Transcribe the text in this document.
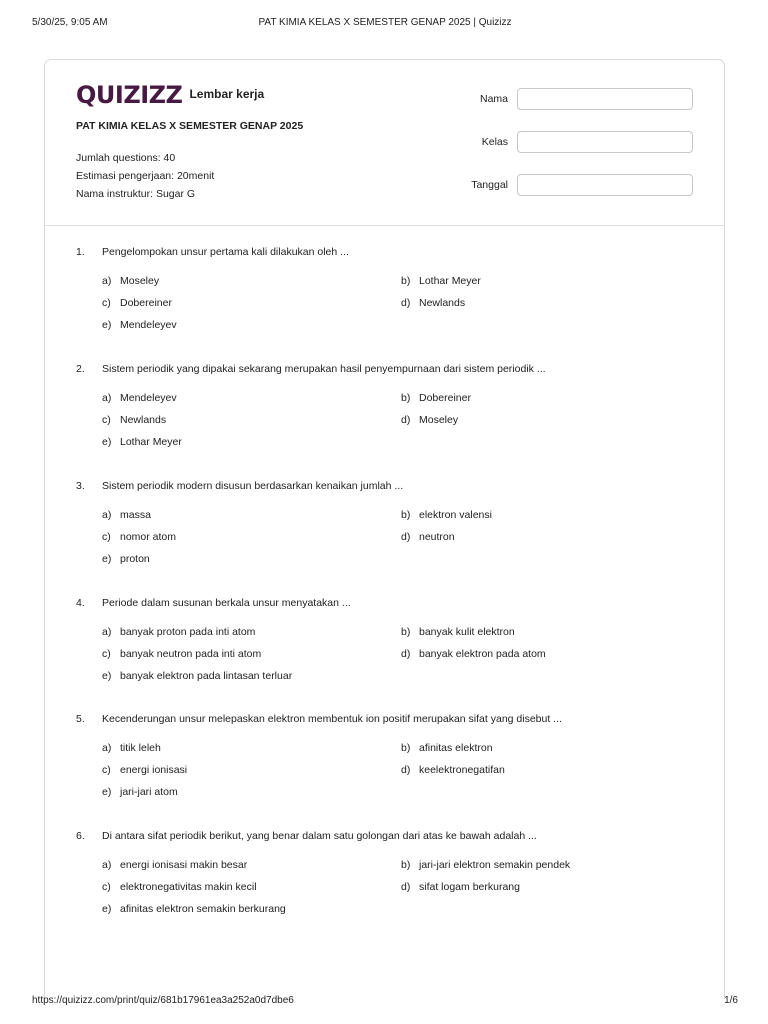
5/30/25, 9:05 AM	PAT KIMIA KELAS X SEMESTER GENAP 2025 | Quizizz
QUIZIZZ Lembar kerja
PAT KIMIA KELAS X SEMESTER GENAP 2025
Jumlah questions: 40
Estimasi pengerjaan: 20menit
Nama instruktur: Sugar G
Nama
Kelas
Tanggal
1. Pengelompokan unsur pertama kali dilakukan oleh ...
a) Moseley	b) Lothar Meyer
c) Dobereiner	d) Newlands
e) Mendeleyev
2. Sistem periodik yang dipakai sekarang merupakan hasil penyempurnaan dari sistem periodik ...
a) Mendeleyev	b) Dobereiner
c) Newlands	d) Moseley
e) Lothar Meyer
3. Sistem periodik modern disusun berdasarkan kenaikan jumlah ...
a) massa	b) elektron valensi
c) nomor atom	d) neutron
e) proton
4. Periode dalam susunan berkala unsur menyatakan ...
a) banyak proton pada inti atom	b) banyak kulit elektron
c) banyak neutron pada inti atom	d) banyak elektron pada atom
e) banyak elektron pada lintasan terluar
5. Kecenderungan unsur melepaskan elektron membentuk ion positif merupakan sifat yang disebut ...
a) titik leleh	b) afinitas elektron
c) energi ionisasi	d) keelektronegatifan
e) jari-jari atom
6. Di antara sifat periodik berikut, yang benar dalam satu golongan dari atas ke bawah adalah ...
a) energi ionisasi makin besar	b) jari-jari elektron semakin pendek
c) elektronegativitas makin kecil	d) sifat logam berkurang
e) afinitas elektron semakin berkurang
https://quizizz.com/print/quiz/681b17961ea3a252a0d7dbe6	1/6
